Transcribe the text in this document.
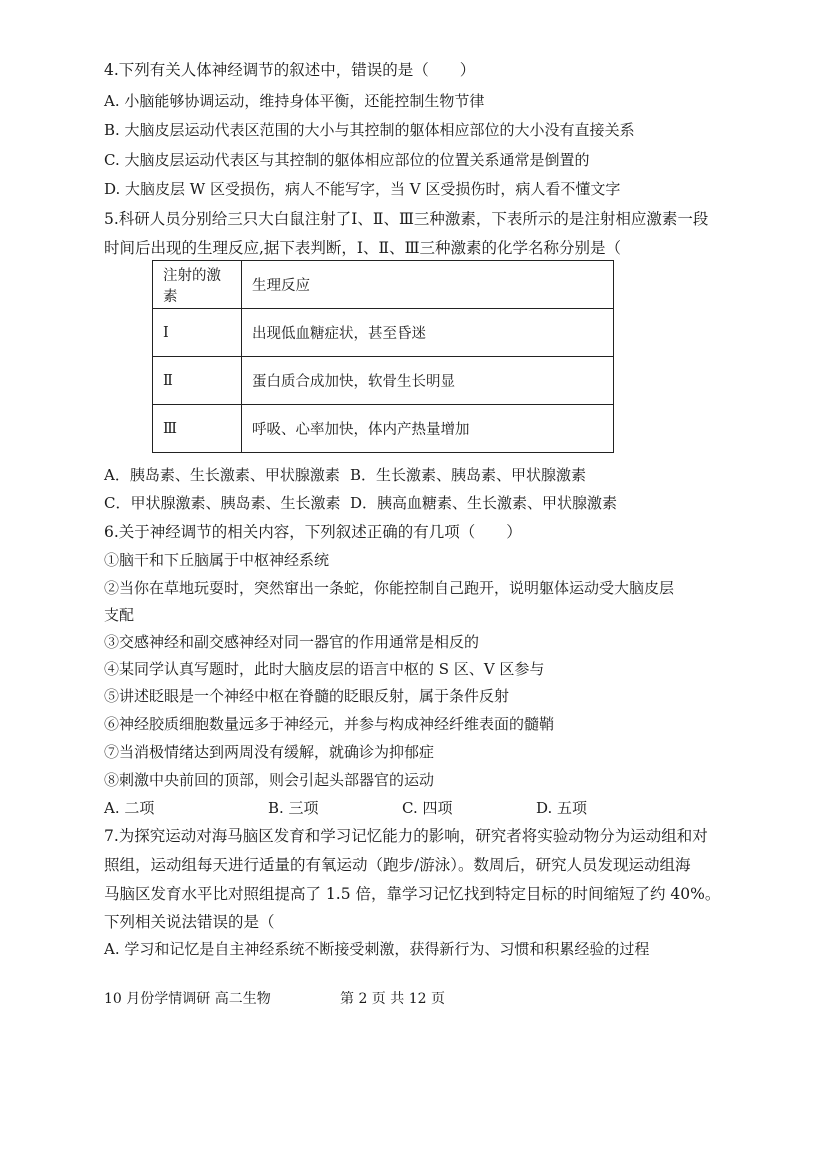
4.下列有关人体神经调节的叙述中，错误的是（　　）
A. 小脑能够协调运动，维持身体平衡，还能控制生物节律
B. 大脑皮层运动代表区范围的大小与其控制的躯体相应部位的大小没有直接关系
C. 大脑皮层运动代表区与其控制的躯体相应部位的位置关系通常是倒置的
D. 大脑皮层 W 区受损伤，病人不能写字，当 V 区受损伤时，病人看不懂文字
5.科研人员分别给三只大白鼠注射了Ⅰ、Ⅱ、Ⅲ三种激素，下表所示的是注射相应激素一段
时间后出现的生理反应,据下表判断，Ⅰ、Ⅱ、Ⅲ三种激素的化学名称分别是（
注射的激素	生理反应
Ⅰ	出现低血糖症状，甚至昏迷
Ⅱ	蛋白质合成加快，软骨生长明显
Ⅲ	呼吸、心率加快，体内产热量增加
A．胰岛素、生长激素、甲状腺激素 B．生长激素、胰岛素、甲状腺激素
C．甲状腺激素、胰岛素、生长激素 D．胰高血糖素、生长激素、甲状腺激素
6.关于神经调节的相关内容，下列叙述正确的有几项（　　）
①脑干和下丘脑属于中枢神经系统
②当你在草地玩耍时，突然窜出一条蛇，你能控制自己跑开，说明躯体运动受大脑皮层
支配
③交感神经和副交感神经对同一器官的作用通常是相反的
④某同学认真写题时，此时大脑皮层的语言中枢的 S 区、V 区参与
⑤讲述眨眼是一个神经中枢在脊髓的眨眼反射，属于条件反射
⑥神经胶质细胞数量远多于神经元，并参与构成神经纤维表面的髓鞘
⑦当消极情绪达到两周没有缓解，就确诊为抑郁症
⑧刺激中央前回的顶部，则会引起头部器官的运动
A. 二项	B. 三项	C. 四项	D. 五项
7.为探究运动对海马脑区发育和学习记忆能力的影响，研究者将实验动物分为运动组和对
照组，运动组每天进行适量的有氧运动（跑步/游泳）。数周后，研究人员发现运动组海
马脑区发育水平比对照组提高了 1.5 倍，靠学习记忆找到特定目标的时间缩短了约 40%。
下列相关说法错误的是（
A. 学习和记忆是自主神经系统不断接受刺激，获得新行为、习惯和积累经验的过程
10 月份学情调研 高二生物	第 2 页 共 12 页
